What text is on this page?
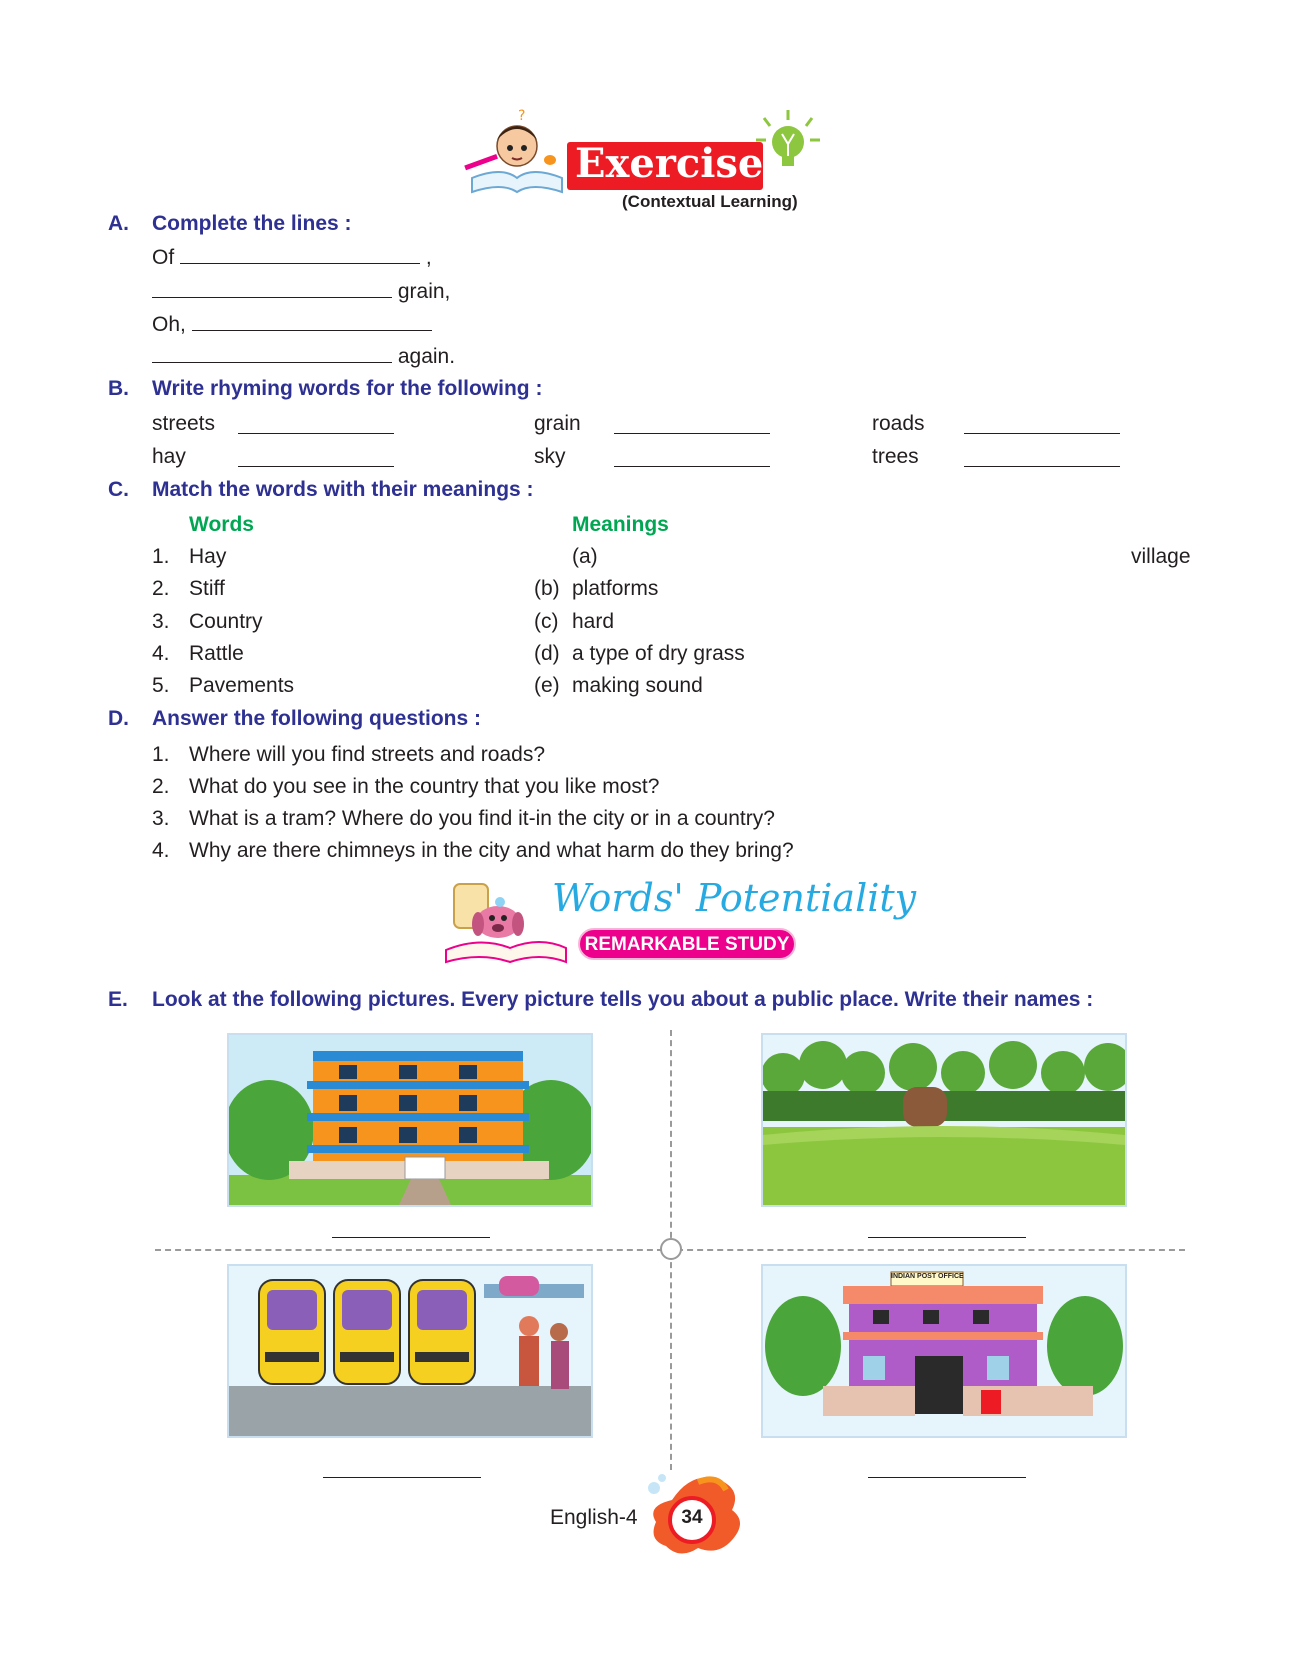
?
Exercise
(Contextual Learning)
A. Complete the lines :
Of	,
grain,
Oh,
again.
B. Write rhyming words for the following :
streets	grain	roads
hay	sky	trees
C. Match the words with their meanings :
Words	Meanings
1. Hay	(a)	village
2. Stiff	(b) platforms
3. Country	(c) hard
4. Rattle	(d) a type of dry grass
5. Pavements	(e) making sound
D. Answer the following questions :
1. Where will you find streets and roads?
2. What do you see in the country that you like most?
3. What is a tram? Where do you find it-in the city or in a country?
4. Why are there chimneys in the city and what harm do they bring?
Words' Potentiality
REMARKABLE STUDY
E. Look at the following pictures. Every picture tells you about a public place. Write their names :
INDIAN POST OFFICE
English-4	34
